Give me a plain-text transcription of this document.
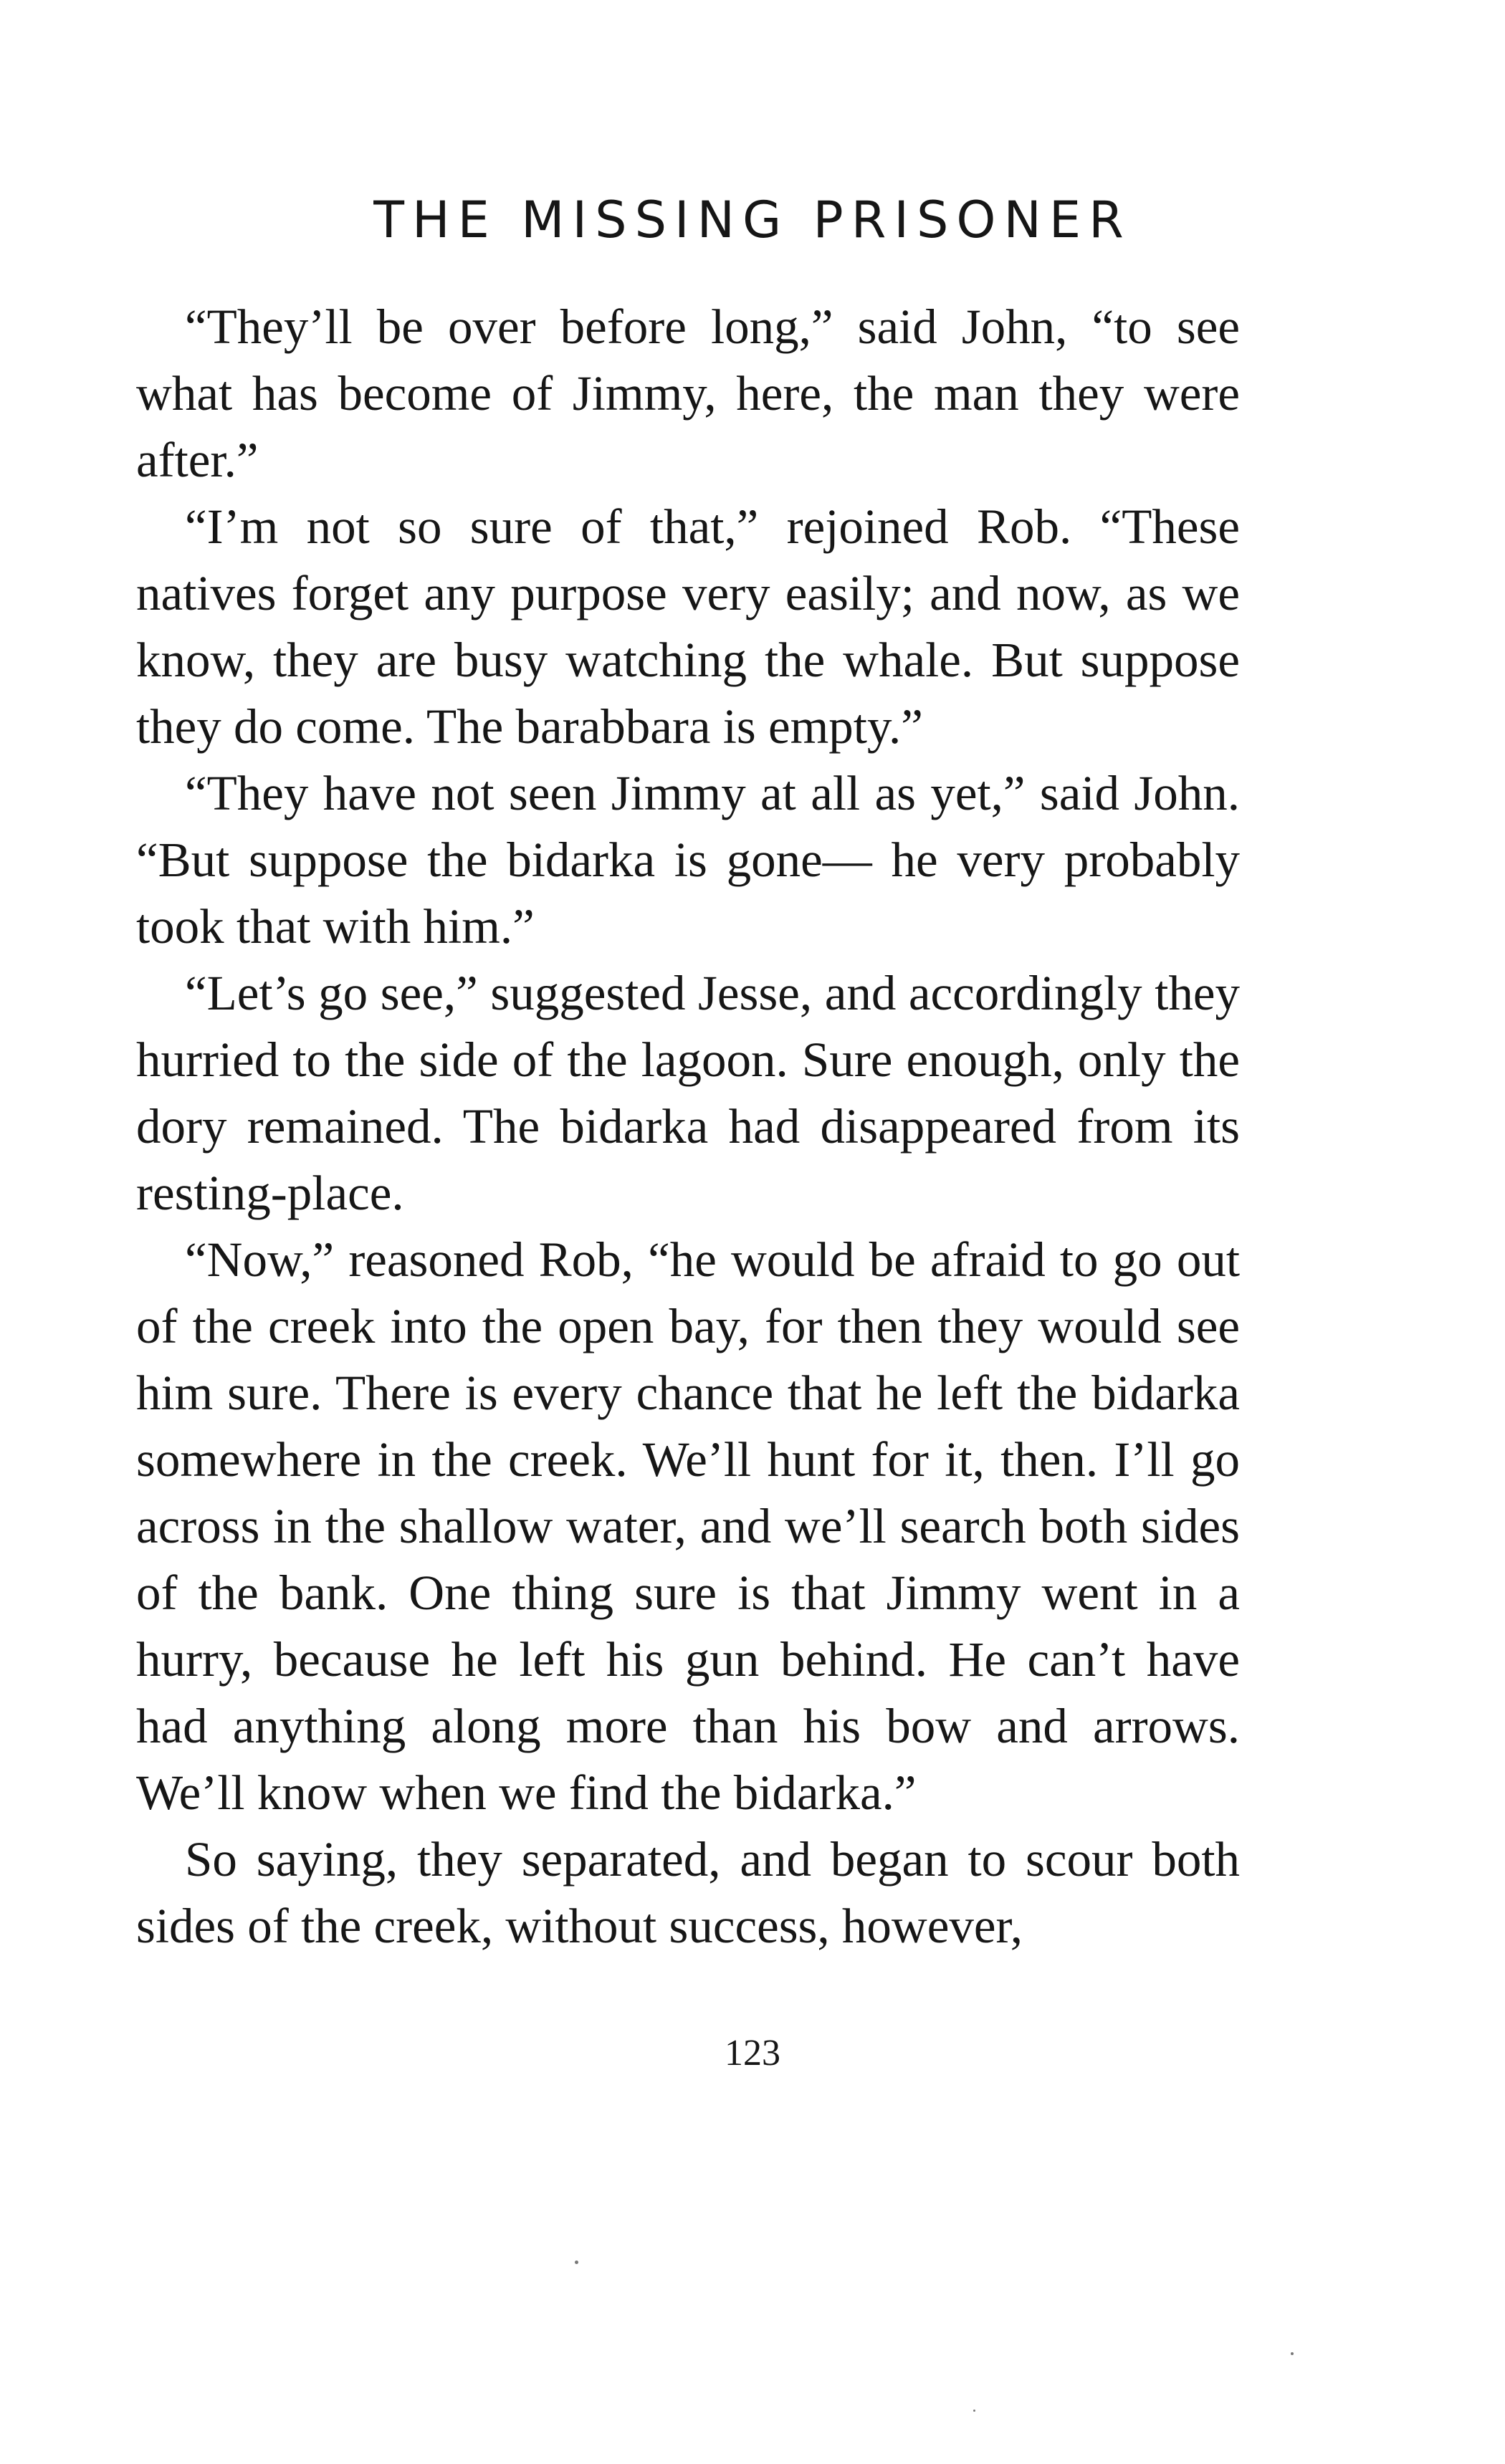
THE MISSING PRISONER

“They’ll be over before long,” said John, “to see what has become of Jimmy, here, the man they were after.”

“I’m not so sure of that,” rejoined Rob. “These natives forget any purpose very easily; and now, as we know, they are busy watching the whale. But suppose they do come. The barabbara is empty.”

“They have not seen Jimmy at all as yet,” said John. “But suppose the bidarka is gone— he very probably took that with him.”

“Let’s go see,” suggested Jesse, and accordingly they hurried to the side of the lagoon. Sure enough, only the dory remained. The bidarka had disappeared from its resting-place.

“Now,” reasoned Rob, “he would be afraid to go out of the creek into the open bay, for then they would see him sure. There is every chance that he left the bidarka somewhere in the creek. We’ll hunt for it, then. I’ll go across in the shallow water, and we’ll search both sides of the bank. One thing sure is that Jimmy went in a hurry, because he left his gun behind. He can’t have had anything along more than his bow and arrows. We’ll know when we find the bidarka.”

So saying, they separated, and began to scour both sides of the creek, without success, however,

123
